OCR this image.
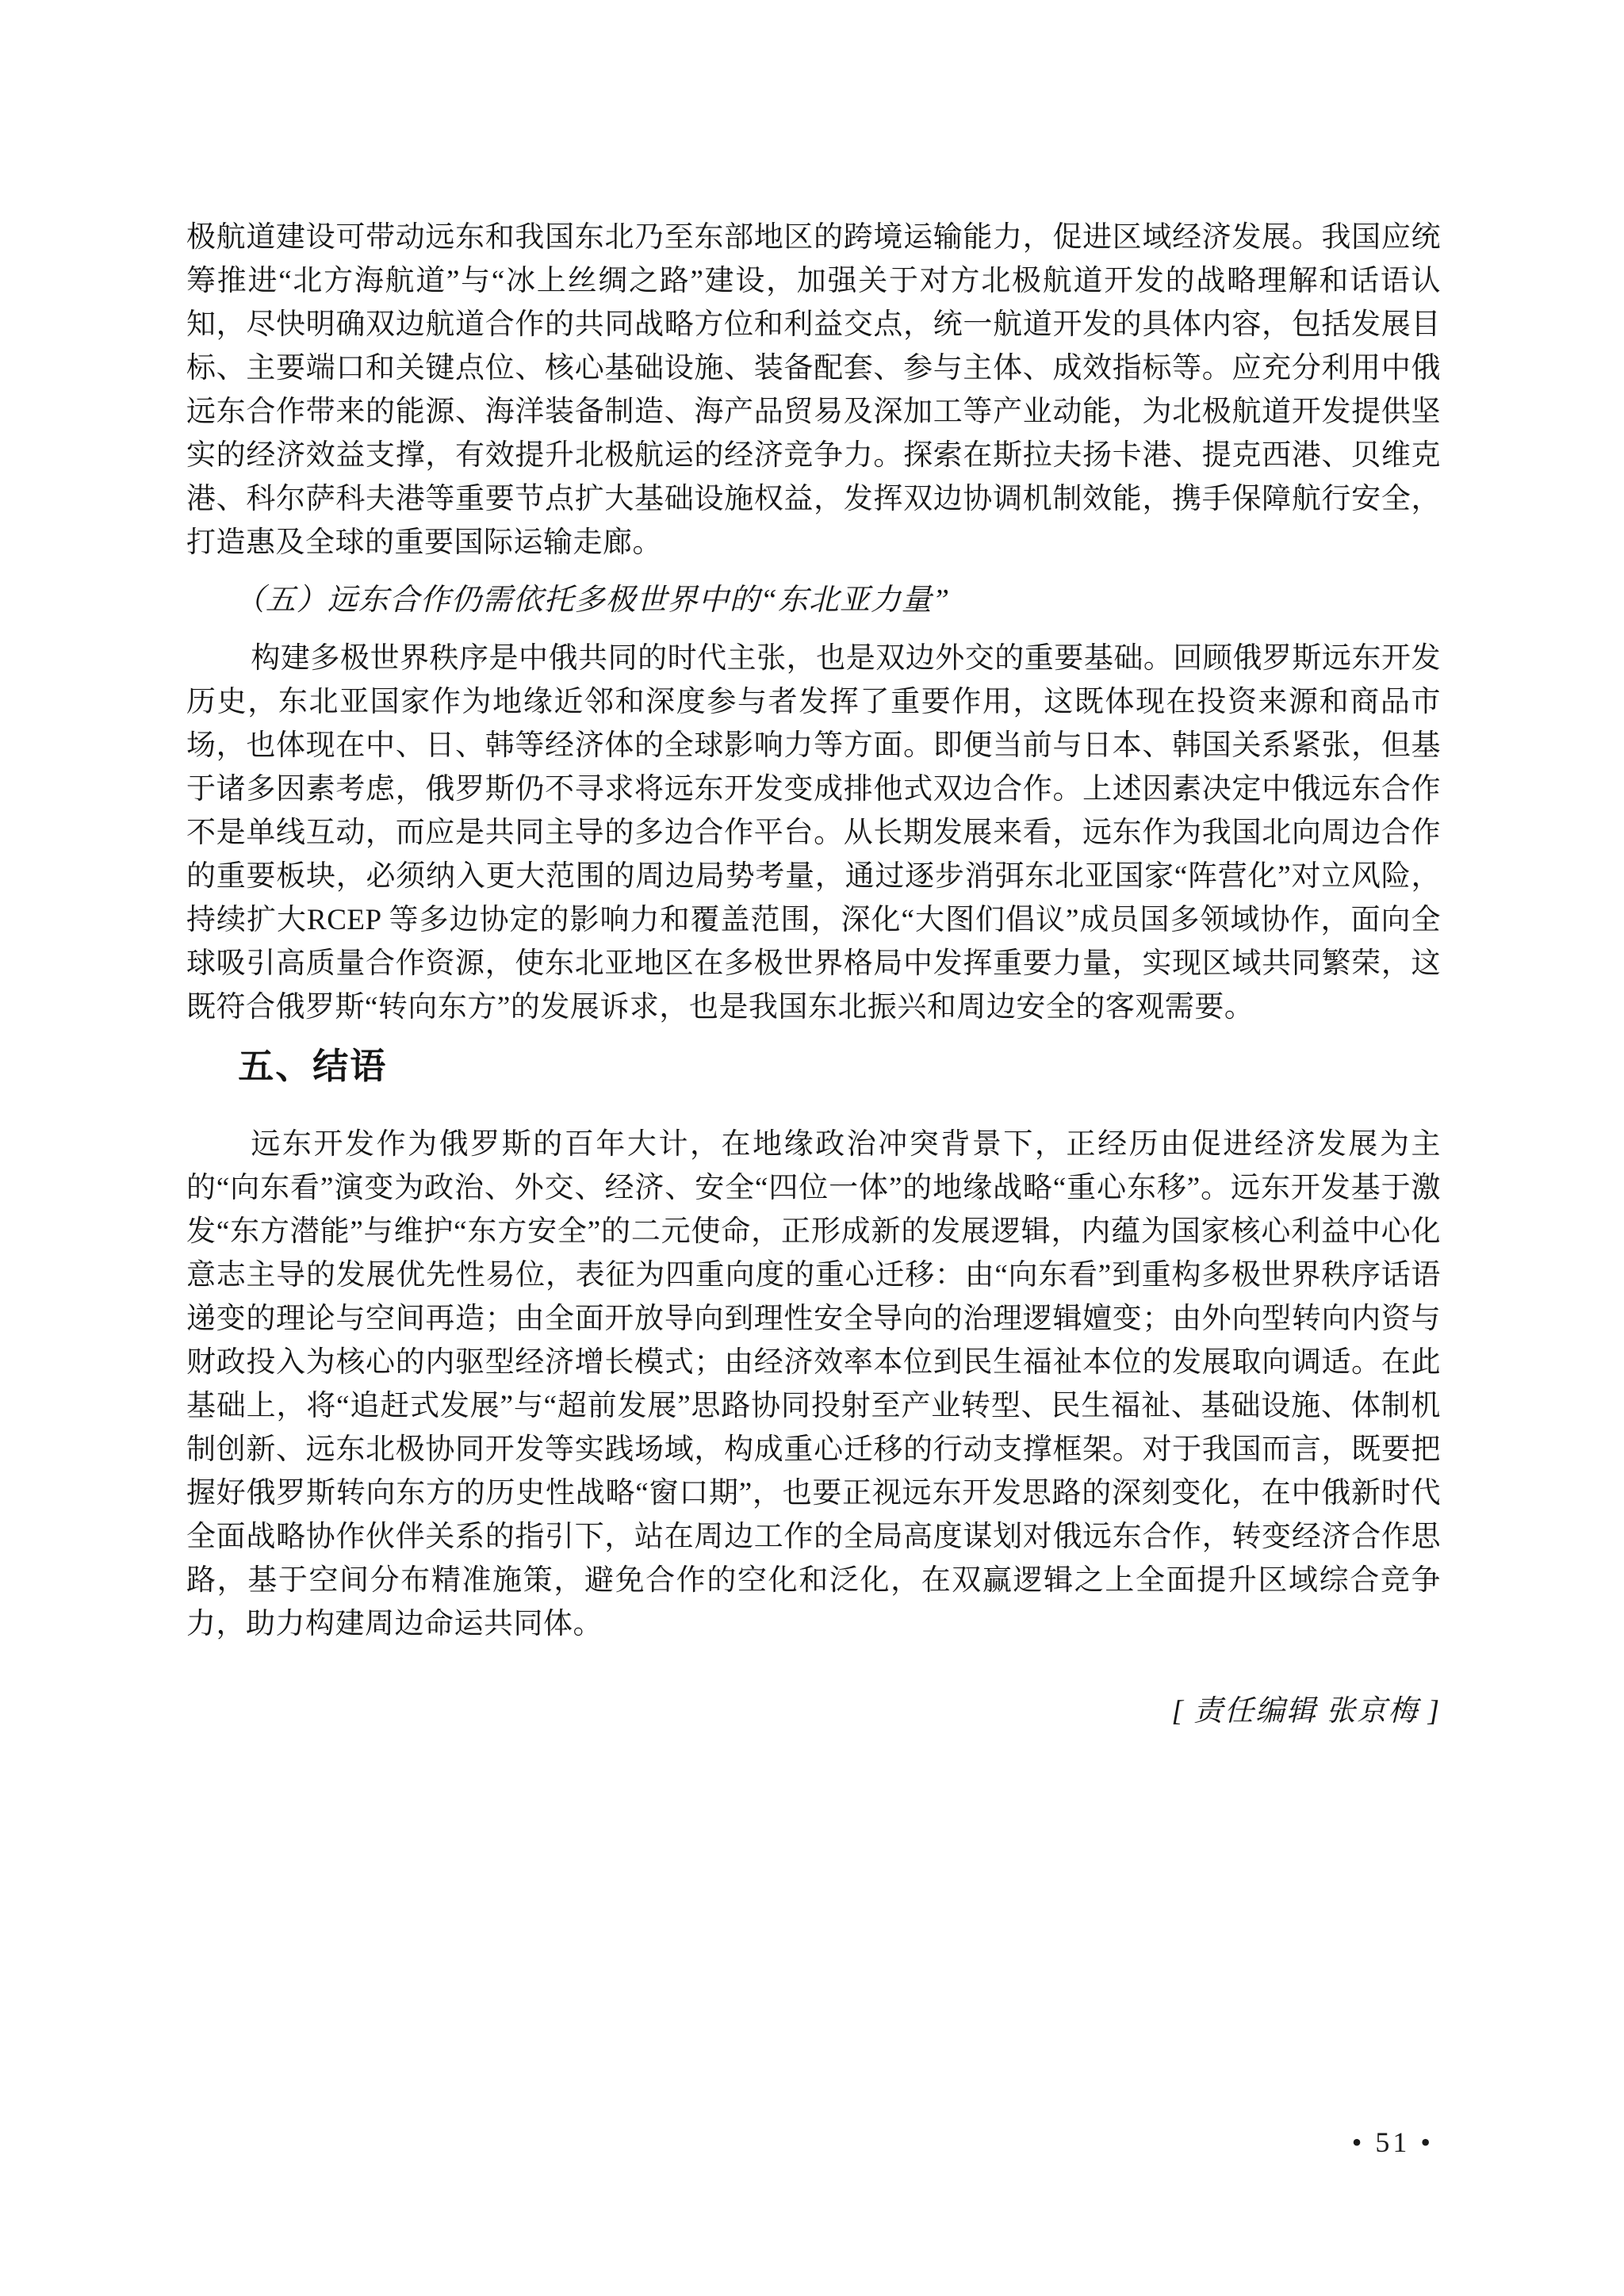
极航道建设可带动远东和我国东北乃至东部地区的跨境运输能力，促进区域经济发展。我国应统筹推进“北方海航道”与“冰上丝绸之路”建设，加强关于对方北极航道开发的战略理解和话语认知，尽快明确双边航道合作的共同战略方位和利益交点，统一航道开发的具体内容，包括发展目标、主要端口和关键点位、核心基础设施、装备配套、参与主体、成效指标等。应充分利用中俄远东合作带来的能源、海洋装备制造、海产品贸易及深加工等产业动能，为北极航道开发提供坚实的经济效益支撑，有效提升北极航运的经济竞争力。探索在斯拉夫扬卡港、提克西港、贝维克港、科尔萨科夫港等重要节点扩大基础设施权益，发挥双边协调机制效能，携手保障航行安全，打造惠及全球的重要国际运输走廊。

（五）远东合作仍需依托多极世界中的“东北亚力量”

构建多极世界秩序是中俄共同的时代主张，也是双边外交的重要基础。回顾俄罗斯远东开发历史，东北亚国家作为地缘近邻和深度参与者发挥了重要作用，这既体现在投资来源和商品市场，也体现在中、日、韩等经济体的全球影响力等方面。即便当前与日本、韩国关系紧张，但基于诸多因素考虑，俄罗斯仍不寻求将远东开发变成排他式双边合作。上述因素决定中俄远东合作不是单线互动，而应是共同主导的多边合作平台。从长期发展来看，远东作为我国北向周边合作的重要板块，必须纳入更大范围的周边局势考量，通过逐步消弭东北亚国家“阵营化”对立风险，持续扩大RCEP 等多边协定的影响力和覆盖范围，深化“大图们倡议”成员国多领域协作，面向全球吸引高质量合作资源，使东北亚地区在多极世界格局中发挥重要力量，实现区域共同繁荣，这既符合俄罗斯“转向东方”的发展诉求，也是我国东北振兴和周边安全的客观需要。

五、结语

远东开发作为俄罗斯的百年大计，在地缘政治冲突背景下，正经历由促进经济发展为主的“向东看”演变为政治、外交、经济、安全“四位一体”的地缘战略“重心东移”。远东开发基于激发“东方潜能”与维护“东方安全”的二元使命，正形成新的发展逻辑，内蕴为国家核心利益中心化意志主导的发展优先性易位，表征为四重向度的重心迁移：由“向东看”到重构多极世界秩序话语递变的理论与空间再造；由全面开放导向到理性安全导向的治理逻辑嬗变；由外向型转向内资与财政投入为核心的内驱型经济增长模式；由经济效率本位到民生福祉本位的发展取向调适。在此基础上，将“追赶式发展”与“超前发展”思路协同投射至产业转型、民生福祉、基础设施、体制机制创新、远东北极协同开发等实践场域，构成重心迁移的行动支撑框架。对于我国而言，既要把握好俄罗斯转向东方的历史性战略“窗口期”，也要正视远东开发思路的深刻变化，在中俄新时代全面战略协作伙伴关系的指引下，站在周边工作的全局高度谋划对俄远东合作，转变经济合作思路，基于空间分布精准施策，避免合作的空化和泛化，在双赢逻辑之上全面提升区域综合竞争力，助力构建周边命运共同体。

[ 责任编辑 张京梅 ]

• 51 •
